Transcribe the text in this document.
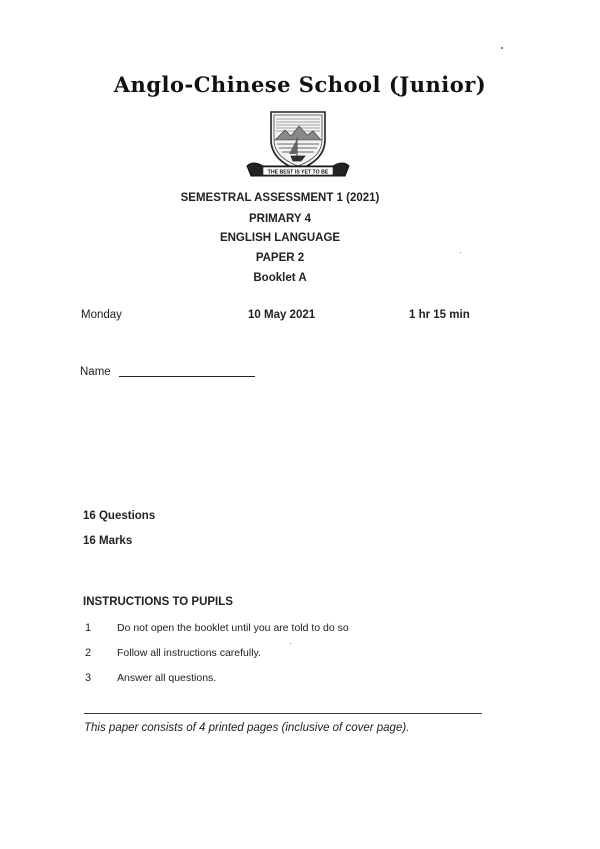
Anglo-Chinese School (Junior)
THE BEST IS YET TO BE
SEMESTRAL ASSESSMENT 1 (2021)
PRIMARY 4
ENGLISH LANGUAGE
PAPER 2
Booklet A
Monday	10 May 2021	1 hr 15 min
Name
16 Questions
16 Marks
INSTRUCTIONS TO PUPILS
1 Do not open the booklet until you are told to do so
2 Follow all instructions carefully.
3 Answer all questions.
This paper consists of 4 printed pages (inclusive of cover page).
